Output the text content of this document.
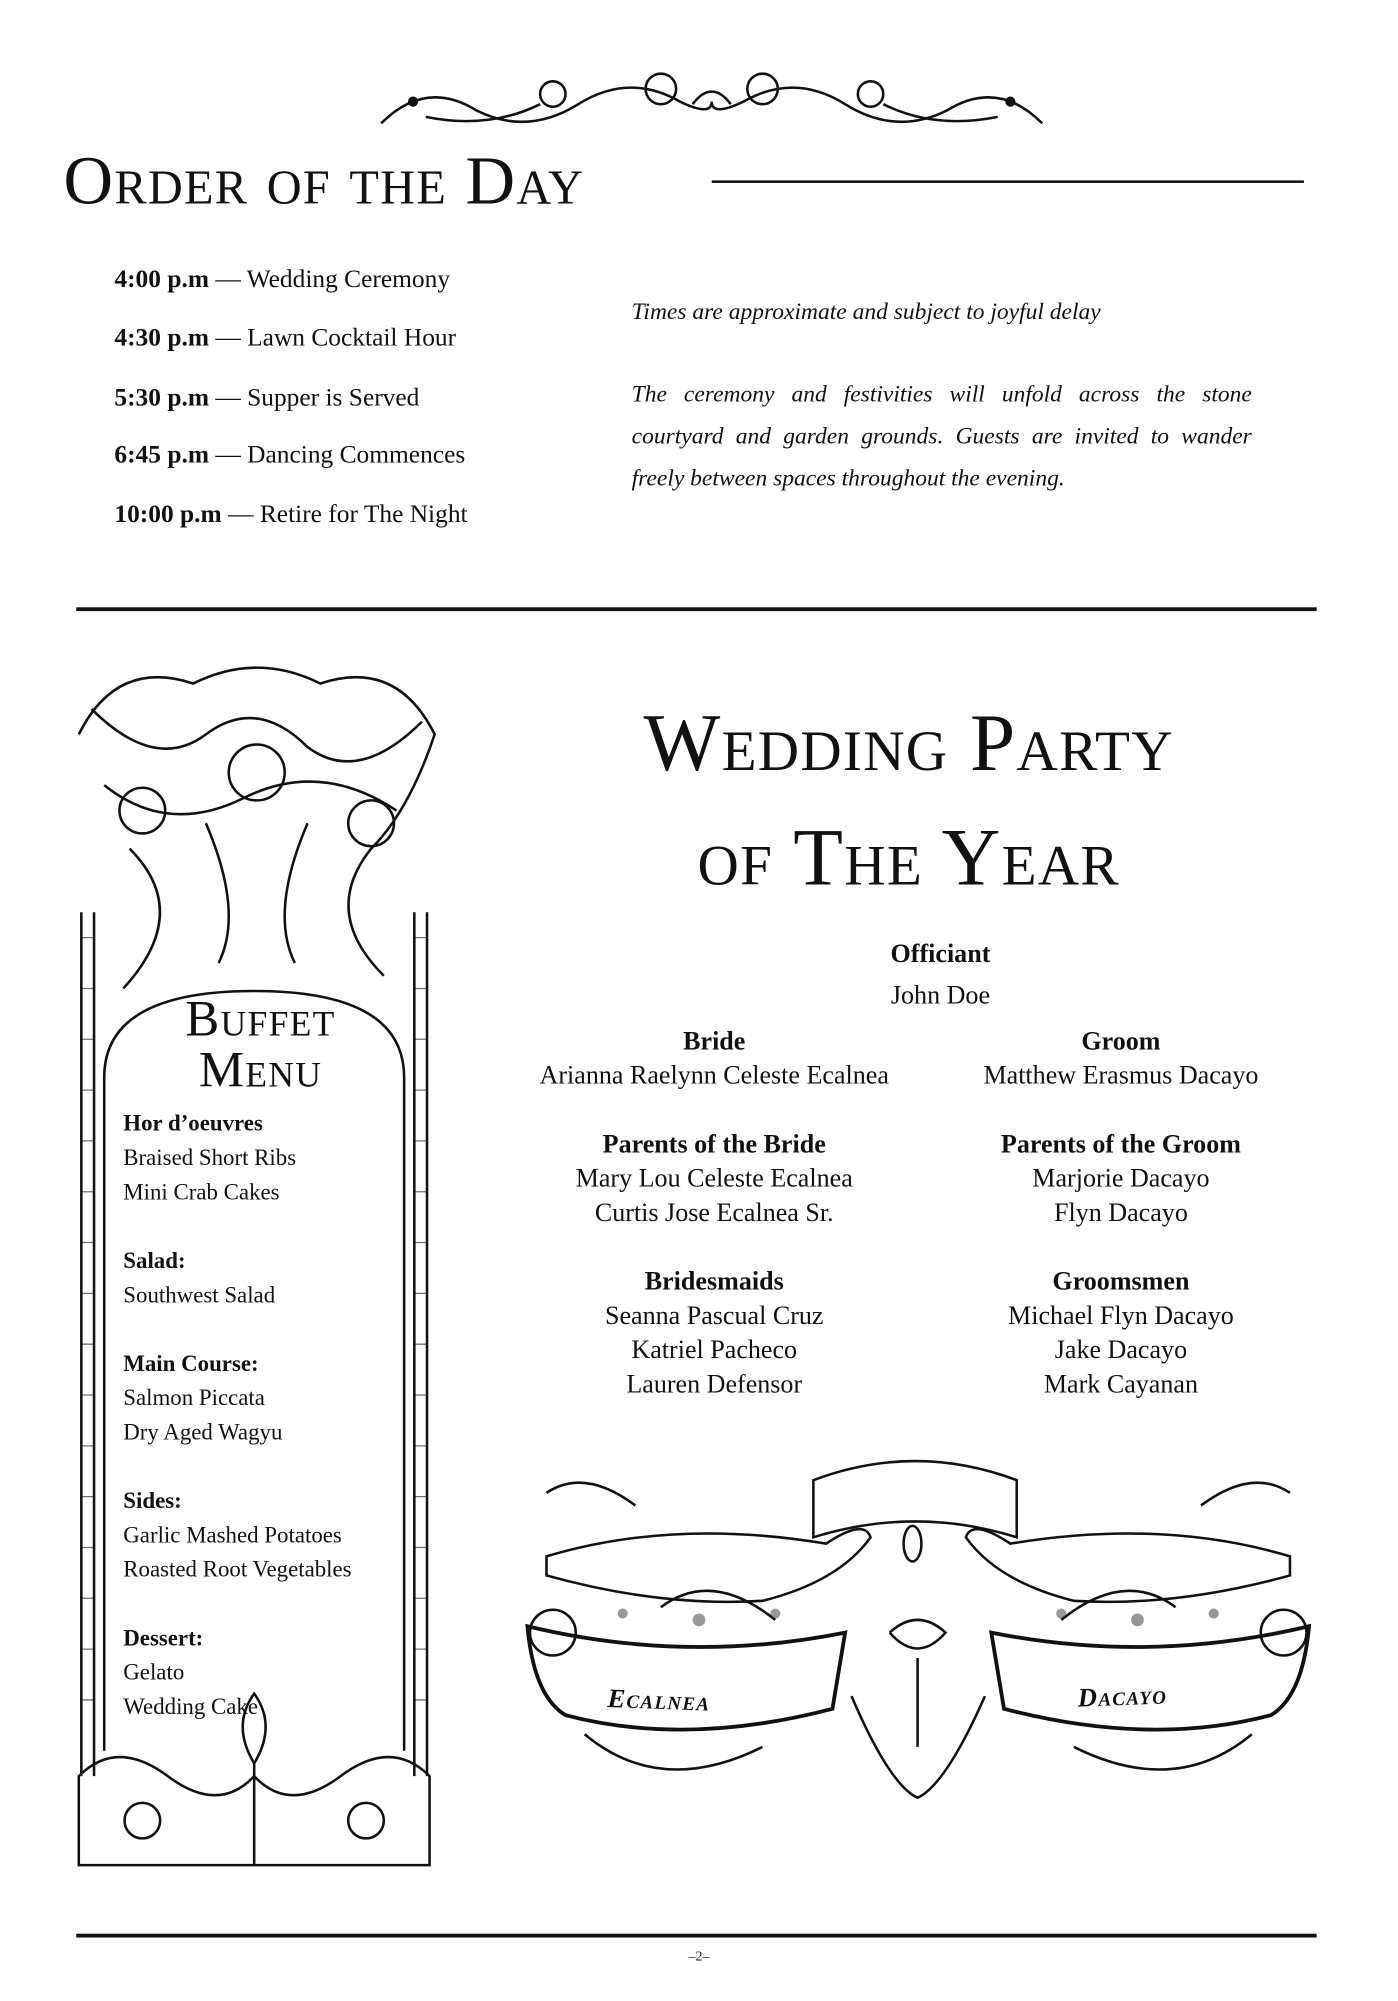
Order of the Day
4:00 p.m — Wedding Ceremony
4:30 p.m — Lawn Cocktail Hour
5:30 p.m — Supper is Served
6:45 p.m — Dancing Commences
10:00 p.m — Retire for The Night
Times are approximate and subject to joyful delay
The ceremony and festivities will unfold across the stone courtyard and garden grounds. Guests are invited to wander freely between spaces throughout the evening.
Buffet
Menu
Hor d’oeuvres
Braised Short Ribs
Mini Crab Cakes
Salad:
Southwest Salad
Main Course:
Salmon Piccata
Dry Aged Wagyu
Sides:
Garlic Mashed Potatoes
Roasted Root Vegetables
Dessert:
Gelato
Wedding Cake
Wedding Party
of The Year
Officiant
John Doe
Bride
Arianna Raelynn Celeste Ecalnea
Parents of the Bride
Mary Lou Celeste Ecalnea
Curtis Jose Ecalnea Sr.
Bridesmaids
Seanna Pascual Cruz
Katriel Pacheco
Lauren Defensor
Groom
Matthew Erasmus Dacayo
Parents of the Groom
Marjorie Dacayo
Flyn Dacayo
Groomsmen
Michael Flyn Dacayo
Jake Dacayo
Mark Cayanan
Ecalnea	Dacayo
–2–
